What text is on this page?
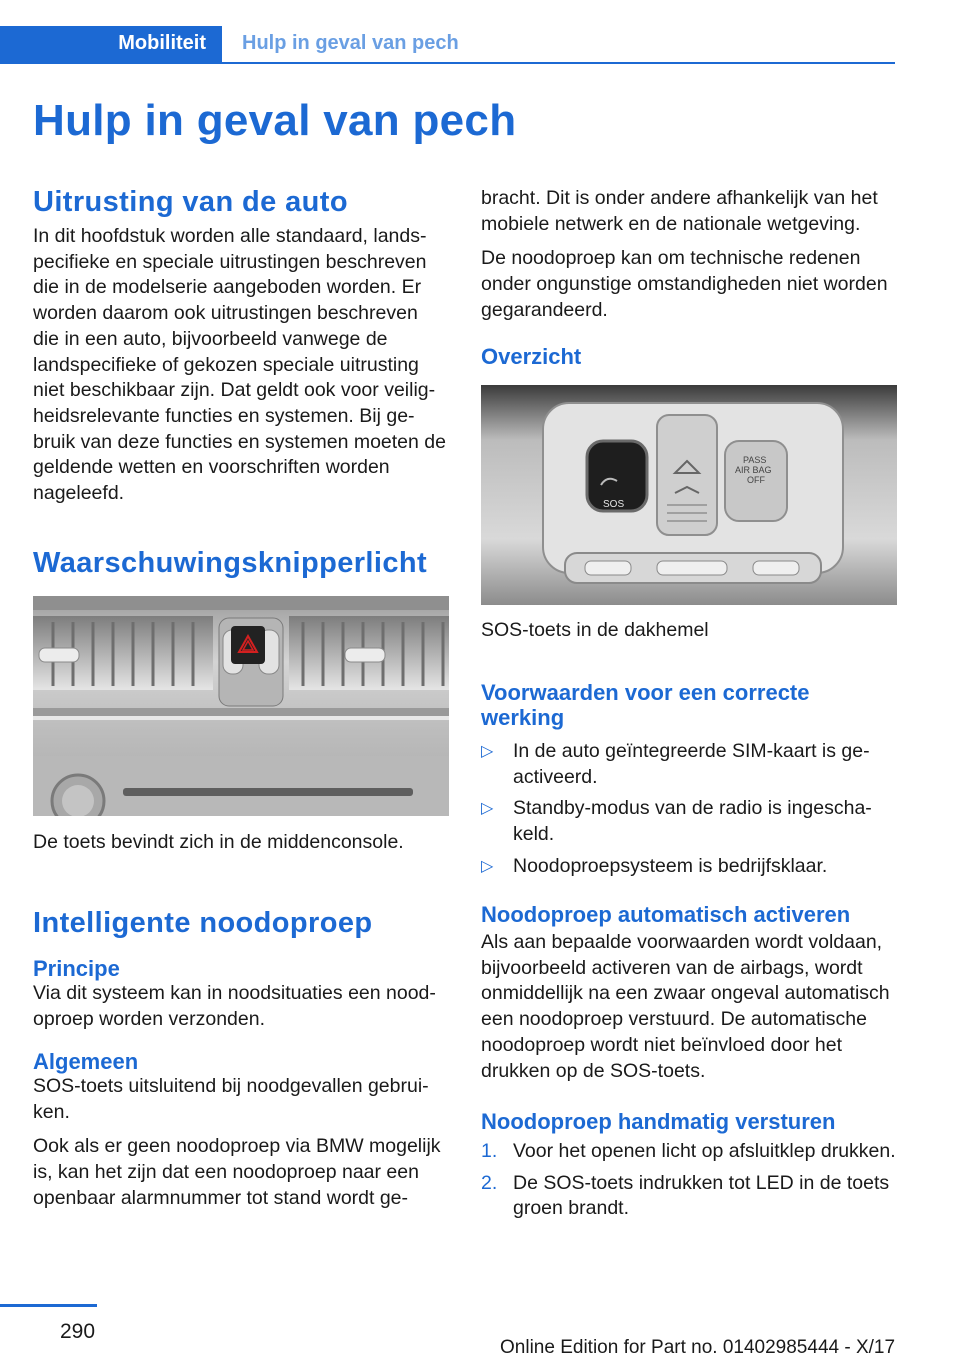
Mobiliteit Hulp in geval van pech
Hulp in geval van pech
Uitrusting van de auto

In dit hoofdstuk worden alle standaard, landspecifieke en speciale uitrustingen beschreven die in de modelserie aangeboden worden. Er worden daarom ook uitrustingen beschreven die in een auto, bijvoorbeeld vanwege de landspecifieke of gekozen speciale uitrusting niet beschikbaar zijn. Dat geldt ook voor veiligheidsrelevante functies en systemen. Bij gebruik van deze functies en systemen moeten de geldende wetten en voorschriften worden nageleefd.

Waarschuwingsknipperlicht
De toets bevindt zich in de middenconsole.
Intelligente noodoproep
Principe

Via dit systeem kan in noodsituaties een noodoproep worden verzonden.

Algemeen

SOS-toets uitsluitend bij noodgevallen gebruiken.

Ook als er geen noodoproep via BMW mogelijk is, kan het zijn dat een noodoproep naar een openbaar alarmnummer tot stand wordt ge-

Overzicht
SOS
PASS
AIR BAG
OFF
SOS-toets in de dakhemel
Voorwaarden voor een correcte werking
▷ In de auto geïntegreerde SIM-kaart is geactiveerd.
▷ Standby-modus van de radio is ingeschakeld.
▷ Noodoproepsysteem is bedrijfsklaar.
Noodoproep automatisch activeren

Als aan bepaalde voorwaarden wordt voldaan, bijvoorbeeld activeren van de airbags, wordt onmiddellijk na een zwaar ongeval automatisch een noodoproep verstuurd. De automatische noodoproep wordt niet beïnvloed door het drukken op de SOS-toets.

Noodoproep handmatig versturen
1. Voor het openen licht op afsluitklep drukken.
2. De SOS-toets indrukken tot LED in de toets groen brandt.

bracht. Dit is onder andere afhankelijk van het mobiele netwerk en de nationale wetgeving.

De noodoproep kan om technische redenen onder ongunstige omstandigheden niet worden gegarandeerd.

290
Online Edition for Part no. 01402985444 - X/17
